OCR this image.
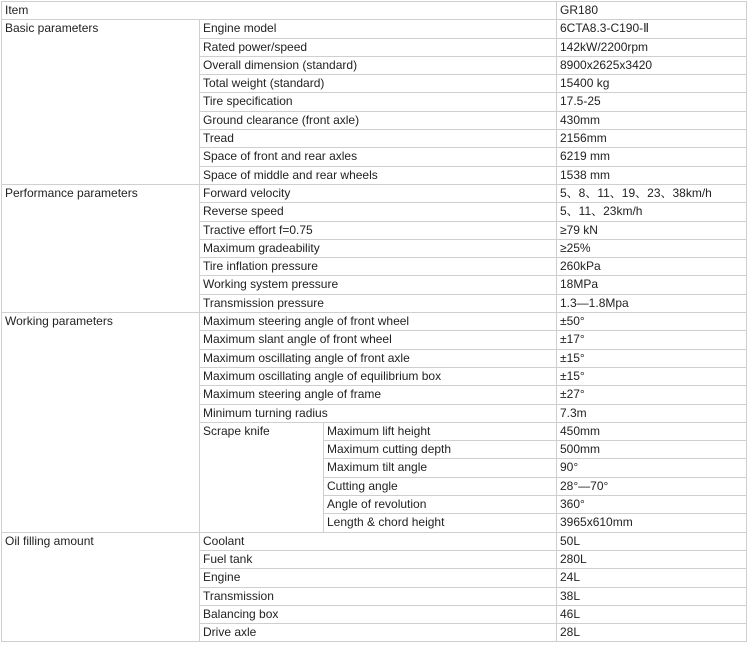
Item			GR180
Basic parameters	Engine model		6CTA8.3-C190-Ⅱ
	Rated power/speed		142kW/2200rpm
	Overall dimension (standard)		8900x2625x3420
	Total weight (standard)		15400 kg
	Tire specification		17.5-25
	Ground clearance (front axle)		430mm
	Tread		2156mm
	Space of front and rear axles		6219 mm
	Space of middle and rear wheels		1538 mm
Performance parameters	Forward velocity		5、8、11、19、23、38km/h
	Reverse speed		5、11、23km/h
	Tractive effort f=0.75		≥79 kN
	Maximum gradeability		≥25%
	Tire inflation pressure		260kPa
	Working system pressure		18MPa
	Transmission pressure		1.3—1.8Mpa
Working parameters	Maximum steering angle of front wheel		±50°
	Maximum slant angle of front wheel		±17°
	Maximum oscillating angle of front axle		±15°
	Maximum oscillating angle of equilibrium box		±15°
	Maximum steering angle of frame		±27°
	Minimum turning radius		7.3m
	Scrape knife	Maximum lift height	450mm
		Maximum cutting depth	500mm
		Maximum tilt angle	90°
		Cutting angle	28°—70°
		Angle of revolution	360°
		Length & chord height	3965x610mm
Oil filling amount	Coolant		50L
	Fuel tank		280L
	Engine		24L
	Transmission		38L
	Balancing box		46L
	Drive axle		28L
